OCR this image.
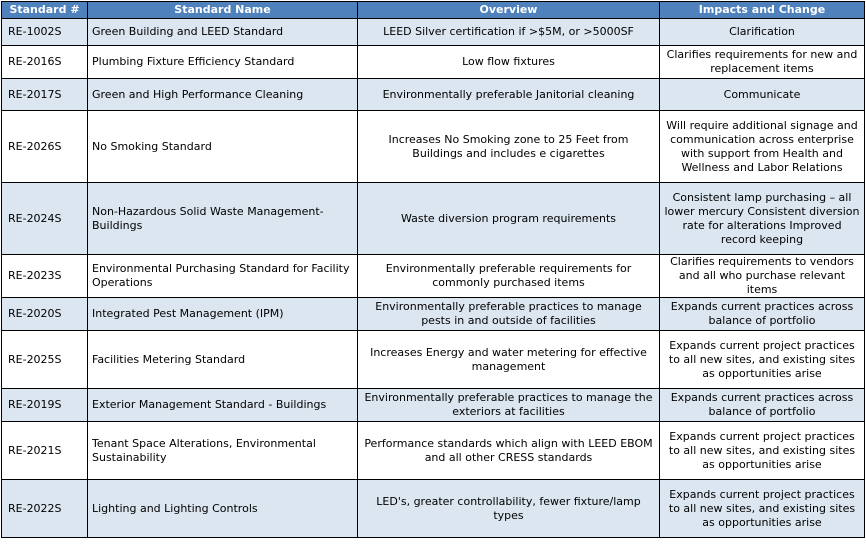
Standard #	Standard Name	Overview	Impacts and Change
RE-1002S	Green Building and LEED Standard	LEED Silver certification if >$5M, or >5000SF	Clarification
RE-2016S	Plumbing Fixture Efficiency Standard	Low flow fixtures	Clarifies requirements for new and replacement items
RE-2017S	Green and High Performance Cleaning	Environmentally preferable Janitorial cleaning	Communicate
RE-2026S	No Smoking Standard	Increases No Smoking zone to 25 Feet from Buildings and includes e cigarettes	Will require additional signage and communication across enterprise with support from Health and Wellness and Labor Relations
RE-2024S	Non-Hazardous Solid Waste Management-Buildings	Waste diversion program requirements	Consistent lamp purchasing – all lower mercury Consistent diversion rate for alterations Improved record keeping
RE-2023S	Environmental Purchasing Standard for Facility Operations	Environmentally preferable requirements for commonly purchased items	Clarifies requirements to vendors and all who purchase relevant items
RE-2020S	Integrated Pest Management (IPM)	Environmentally preferable practices to manage pests in and outside of facilities	Expands current practices across balance of portfolio
RE-2025S	Facilities Metering Standard	Increases Energy and water metering for effective management	Expands current project practices to all new sites, and existing sites as opportunities arise
RE-2019S	Exterior Management Standard - Buildings	Environmentally preferable practices to manage the exteriors at facilities	Expands current practices across balance of portfolio
RE-2021S	Tenant Space Alterations, Environmental Sustainability	Performance standards which align with LEED EBOM and all other CRESS standards	Expands current project practices to all new sites, and existing sites as opportunities arise
RE-2022S	Lighting and Lighting Controls	LED's, greater controllability, fewer fixture/lamp types	Expands current project practices to all new sites, and existing sites as opportunities arise
